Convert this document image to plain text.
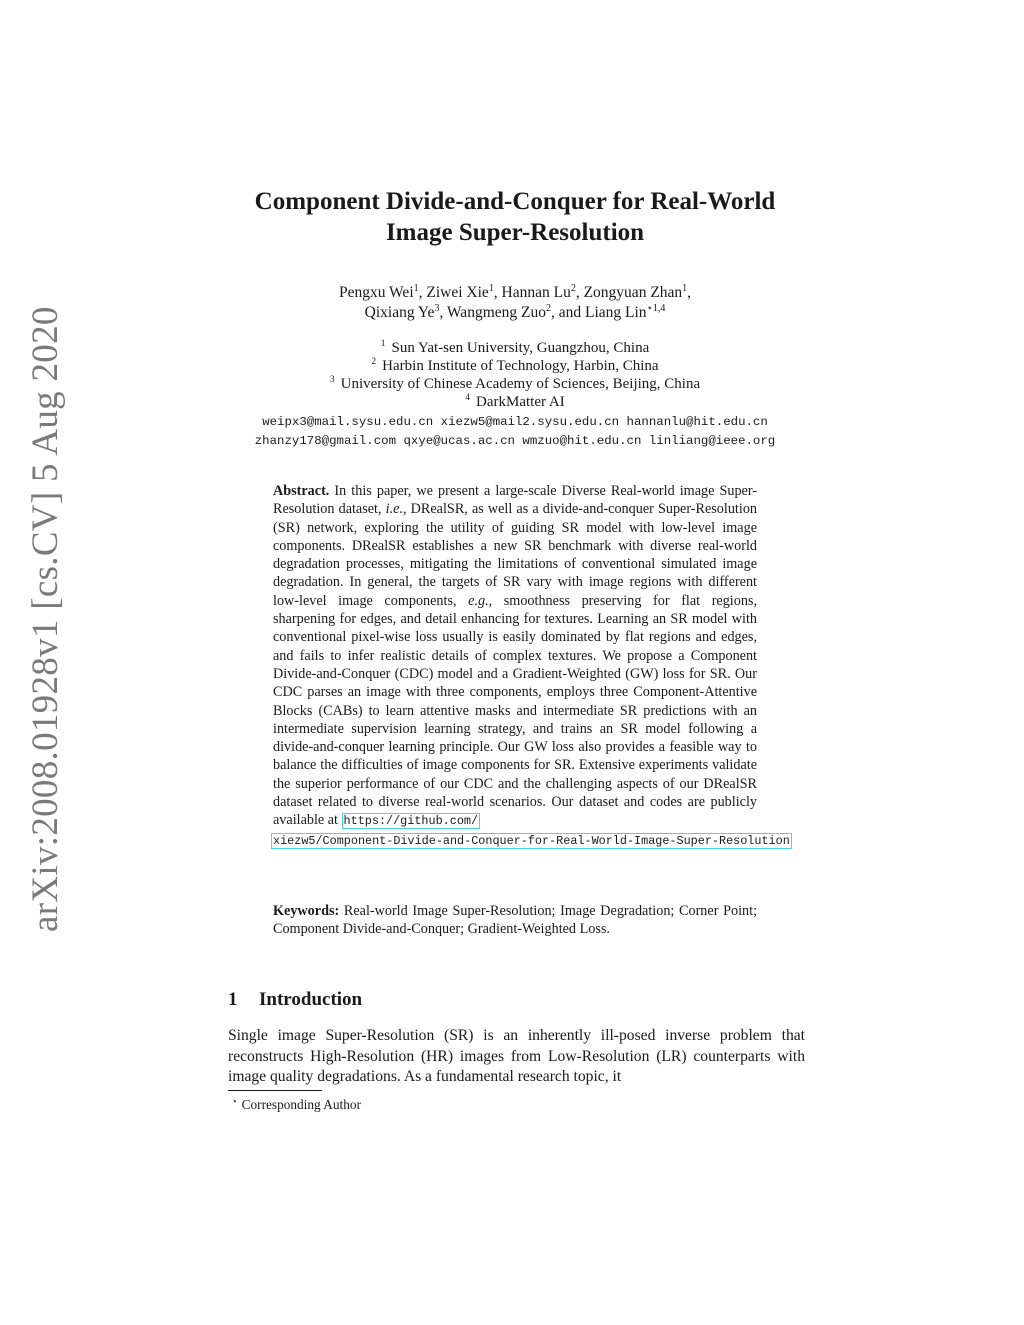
arXiv:2008.01928v1 [cs.CV] 5 Aug 2020
Component Divide-and-Conquer for Real-World
Image Super-Resolution
Pengxu Wei$^1$, Ziwei Xie$^1$, Hannan Lu$^2$, Zongyuan Zhan$^1$,
Qixiang Ye$^3$, Wangmeng Zuo$^2$, and Liang Lin$^{⋆1,4}$
$^1$ Sun Yat-sen University, Guangzhou, China
$^2$ Harbin Institute of Technology, Harbin, China
$^3$ University of Chinese Academy of Sciences, Beijing, China
$^4$ DarkMatter AI
weipx3@mail.sysu.edu.cn xiezw5@mail2.sysu.edu.cn hannanlu@hit.edu.cn
zhanzy178@gmail.com qxye@ucas.ac.cn wmzuo@hit.edu.cn linliang@ieee.org
Abstract. In this paper, we present a large-scale Diverse Real-world image Super-Resolution dataset, i.e., DRealSR, as well as a divide-and-conquer Super-Resolution (SR) network, exploring the utility of guiding SR model with low-level image components. DRealSR establishes a new SR benchmark with diverse real-world degradation processes, mitigating the limitations of conventional simulated image degradation. In general, the targets of SR vary with image regions with different low-level image components, e.g., smoothness preserving for flat regions, sharpening for edges, and detail enhancing for textures. Learning an SR model with conventional pixel-wise loss usually is easily dominated by flat regions and edges, and fails to infer realistic details of complex textures. We propose a Component Divide-and-Conquer (CDC) model and a Gradient-Weighted (GW) loss for SR. Our CDC parses an image with three components, employs three Component-Attentive Blocks (CABs) to learn attentive masks and intermediate SR predictions with an intermediate supervision learning strategy, and trains an SR model following a divide-and-conquer learning principle. Our GW loss also provides a feasible way to balance the difficulties of image components for SR. Extensive experiments validate the superior performance of our CDC and the challenging aspects of our DRealSR dataset related to diverse real-world scenarios. Our dataset and codes are publicly available at https://github.com/
xiezw5/Component-Divide-and-Conquer-for-Real-World-Image-Super-Resolution
Keywords: Real-world Image Super-Resolution; Image Degradation; Corner Point; Component Divide-and-Conquer; Gradient-Weighted Loss.
1 Introduction

Single image Super-Resolution (SR) is an inherently ill-posed inverse problem that reconstructs High-Resolution (HR) images from Low-Resolution (LR) counterparts with image quality degradations. As a fundamental research topic, it

⋆ Corresponding Author
